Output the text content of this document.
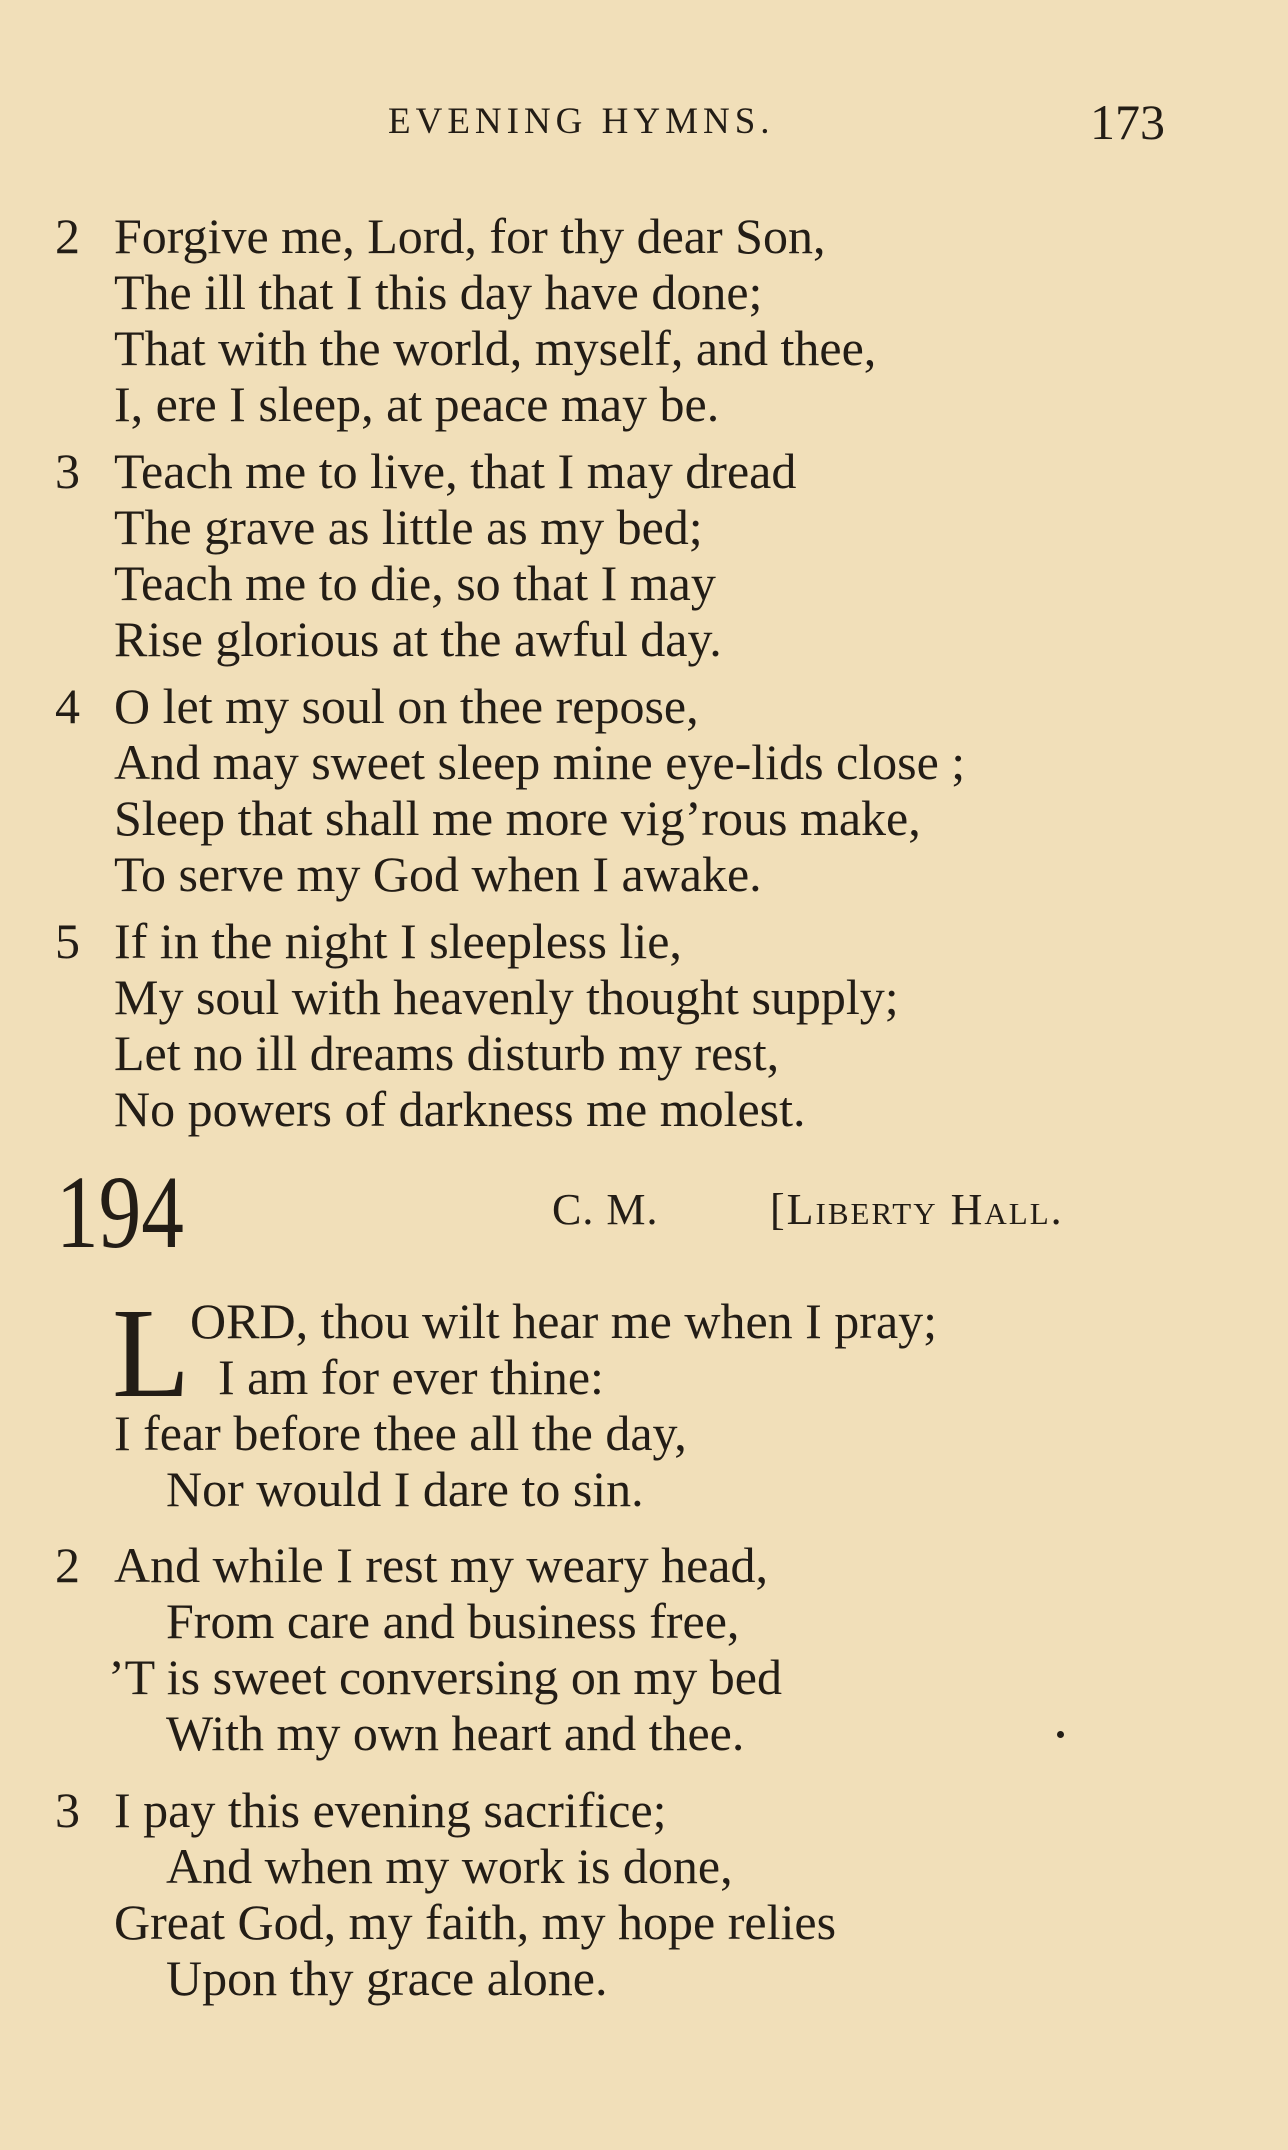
EVENING HYMNS.	173
2 Forgive me, Lord, for thy dear Son,
The ill that I this day have done;
That with the world, myself, and thee,
I, ere I sleep, at peace may be.
3 Teach me to live, that I may dread
The grave as little as my bed;
Teach me to die, so that I may
Rise glorious at the awful day.
4 O let my soul on thee repose,
And may sweet sleep mine eye-lids close ;
Sleep that shall me more vig’rous make,
To serve my God when I awake.
5 If in the night I sleepless lie,
My soul with heavenly thought supply;
Let no ill dreams disturb my rest,
No powers of darkness me molest.
194	C. M.	[Liberty Hall.
L ORD, thou wilt hear me when I pray;
I am for ever thine:
I fear before thee all the day,
Nor would I dare to sin.
2 And while I rest my weary head,
From care and business free,
’T is sweet conversing on my bed
With my own heart and thee.
3 I pay this evening sacrifice;
And when my work is done,
Great God, my faith, my hope relies
Upon thy grace alone.
